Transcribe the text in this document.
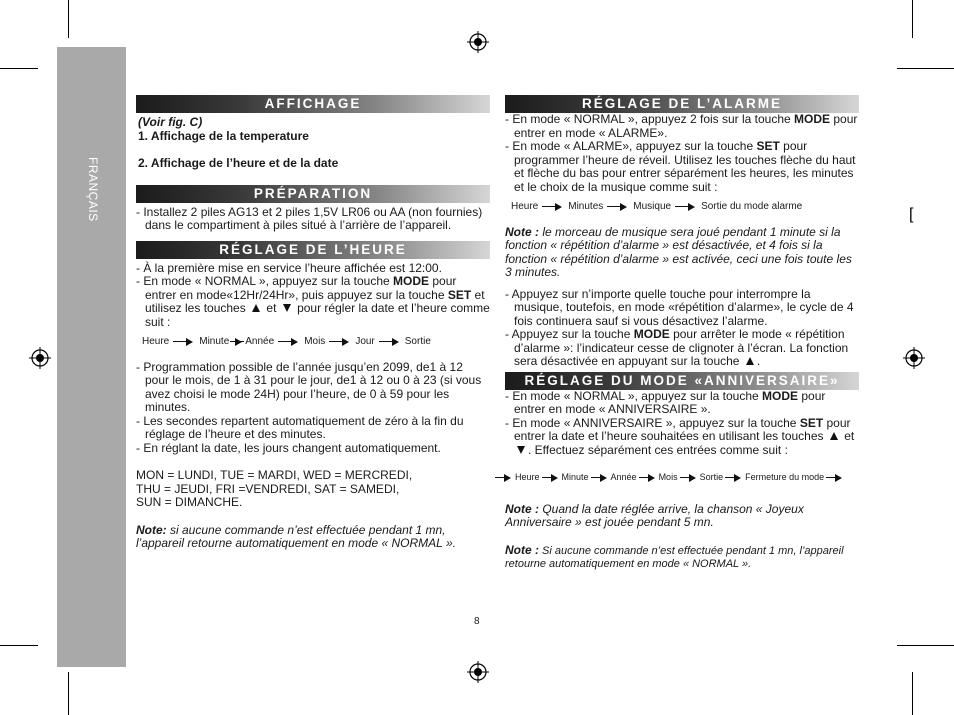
FRANÇAIS	[
AFFICHAGE
(Voir fig. C)
1. Affichage de la temperature
2. Affichage de l’heure et de la date
PRÉPARATION
- Installez 2 piles AG13 et 2 piles 1,5V LR06 ou AA (non fournies) dans le compartiment à piles situé à l’arrière de l’appareil.
RÉGLAGE DE L’HEURE
- À la première mise en service l’heure affichée est 12:00.
- En mode « NORMAL », appuyez sur la touche MODE pour entrer en mode«12Hr/24Hr», puis appuyez sur la touche SET et utilisez les touches  et  pour régler la date et l’heure comme suit :
Heure	Minute Année	Mois	Jour	Sortie
- Programmation possible de l’année jusqu’en 2099, de1 à 12 pour le mois, de 1 à 31 pour le jour, de1 à 12 ou 0 à 23 (si vous avez choisi le mode 24H) pour l’heure, de 0 à 59 pour les minutes.
- Les secondes repartent automatiquement de zéro à la fin du réglage de l’heure et des minutes.
- En réglant la date, les jours changent automatiquement.
MON = LUNDI, TUE = MARDI, WED = MERCREDI,
THU = JEUDI, FRI =VENDREDI, SAT = SAMEDI,
SUN = DIMANCHE.
Note: si aucune commande n’est effectuée pendant 1 mn, l’appareil retourne automatiquement en mode « NORMAL ».
RÉGLAGE DE L’ALARME
- En mode « NORMAL », appuyez 2 fois sur la touche MODE pour entrer en mode « ALARME».
- En mode « ALARME», appuyez sur la touche SET pour programmer l’heure de réveil. Utilisez les touches flèche du haut et flèche du bas pour entrer séparément les heures, les minutes et le choix de la musique comme suit :
Heure	Minutes	Musique	Sortie du mode alarme
Note : le morceau de musique sera joué pendant 1 minute si la fonction « répétition d’alarme » est désactivée, et 4 fois si la fonction « répétition d’alarme » est activée, ceci une fois toute les 3 minutes.
- Appuyez sur n’importe quelle touche pour interrompre la musique, toutefois, en mode «répétition d’alarme», le cycle de 4 fois continuera sauf si vous désactivez l’alarme.
- Appuyez sur la touche MODE pour arrêter le mode « répétition d’alarme »: l’indicateur cesse de clignoter à l’écran. La fonction sera désactivée en appuyant sur la touche .
RÉGLAGE DU MODE «ANNIVERSAIRE»
- En mode « NORMAL », appuyez sur la touche MODE pour entrer en mode « ANNIVERSAIRE ».
- En mode « ANNIVERSAIRE », appuyez sur la touche SET pour entrer la date et l’heure souhaitées en utilisant les touches  et . Effectuez séparément ces entrées comme suit :
Heure Minute Année Mois Sortie Fermeture du mode
Note : Quand la date réglée arrive, la chanson « Joyeux Anniversaire » est jouée pendant 5 mn.
Note : Si aucune commande n’est effectuée pendant 1 mn, l’appareil retourne automatiquement en mode « NORMAL ».
8
